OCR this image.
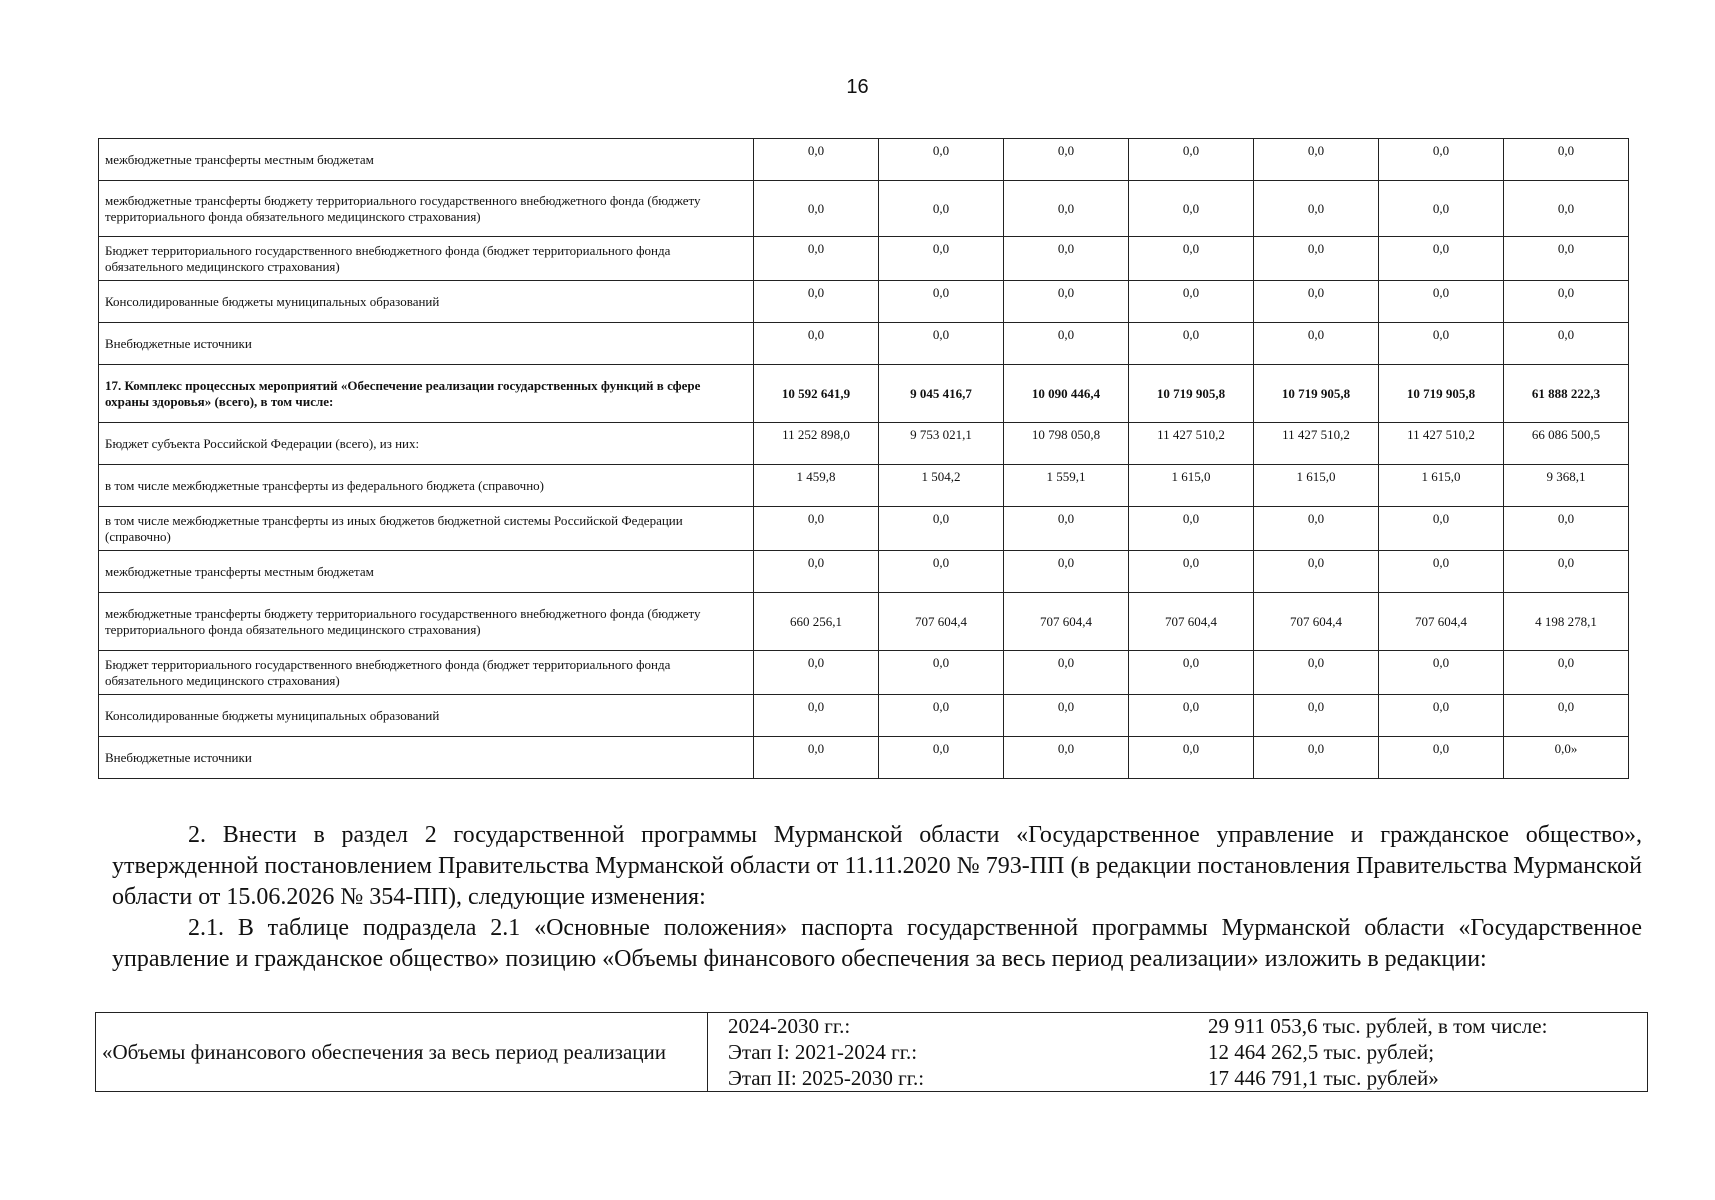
16
межбюджетные трансферты местным бюджетам	0,0	0,0	0,0	0,0	0,0	0,0	0,0
межбюджетные трансферты бюджету территориального государственного внебюджетного фонда (бюджету территориального фонда обязательного медицинского страхования)	0,0	0,0	0,0	0,0	0,0	0,0	0,0
Бюджет территориального государственного внебюджетного фонда (бюджет территориального фонда обязательного медицинского страхования)	0,0	0,0	0,0	0,0	0,0	0,0	0,0
Консолидированные бюджеты муниципальных образований	0,0	0,0	0,0	0,0	0,0	0,0	0,0
Внебюджетные источники	0,0	0,0	0,0	0,0	0,0	0,0	0,0
17. Комплекс процессных мероприятий «Обеспечение реализации государственных функций в сфере охраны здоровья» (всего), в том числе:	10 592 641,9	9 045 416,7	10 090 446,4	10 719 905,8	10 719 905,8	10 719 905,8	61 888 222,3
Бюджет субъекта Российской Федерации (всего), из них:	11 252 898,0	9 753 021,1	10 798 050,8	11 427 510,2	11 427 510,2	11 427 510,2	66 086 500,5
в том числе межбюджетные трансферты из федерального бюджета (справочно)	1 459,8	1 504,2	1 559,1	1 615,0	1 615,0	1 615,0	9 368,1
в том числе межбюджетные трансферты из иных бюджетов бюджетной системы Российской Федерации (справочно)	0,0	0,0	0,0	0,0	0,0	0,0	0,0
межбюджетные трансферты местным бюджетам	0,0	0,0	0,0	0,0	0,0	0,0	0,0
межбюджетные трансферты бюджету территориального государственного внебюджетного фонда (бюджету территориального фонда обязательного медицинского страхования)	660 256,1	707 604,4	707 604,4	707 604,4	707 604,4	707 604,4	4 198 278,1
Бюджет территориального государственного внебюджетного фонда (бюджет территориального фонда обязательного медицинского страхования)	0,0	0,0	0,0	0,0	0,0	0,0	0,0
Консолидированные бюджеты муниципальных образований	0,0	0,0	0,0	0,0	0,0	0,0	0,0
Внебюджетные источники	0,0	0,0	0,0	0,0	0,0	0,0	0,0»

2. Внести в раздел 2 государственной программы Мурманской области «Государственное управление и гражданское общество», утвержденной постановлением Правительства Мурманской области от 11.11.2020 № 793-ПП (в редакции постановления Правительства Мурманской области от 15.06.2026 № 354-ПП), следующие изменения:

2.1. В таблице подраздела 2.1 «Основные положения» паспорта государственной программы Мурманской области «Государственное управление и гражданское общество» позицию «Объемы финансового обеспечения за весь период реализации» изложить в редакции:

«Объемы финансового обеспечения за весь период реализации	
2024-2030 гг.:	29 911 053,6 тыс. рублей, в том числе:
Этап I: 2021-2024 гг.:	12 464 262,5 тыс. рублей;
Этап II: 2025-2030 гг.:	17 446 791,1 тыс. рублей»
